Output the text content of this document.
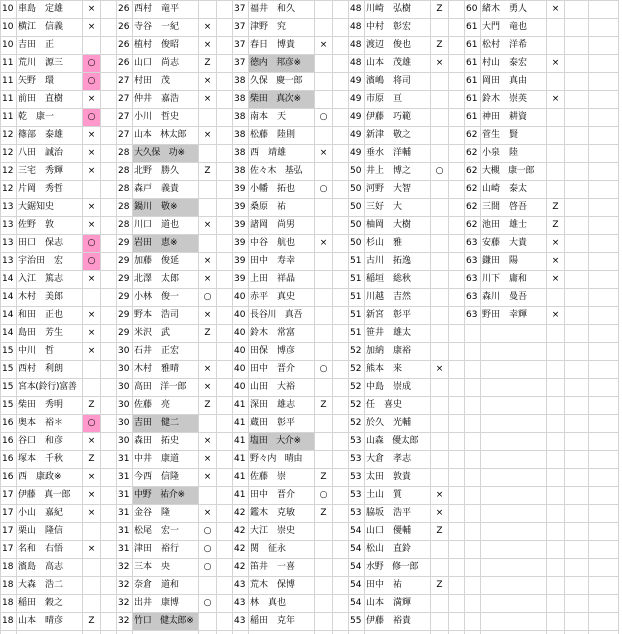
10	車島　定雄	×		26	西村　竜平			37	福井　和久			48	川崎　弘樹	Z		60	緒木　勇人	×		
10	横江　信義	×		26	寺谷　一紀	×		37	津野　究			48	中村　彰宏			61	大門　竜也			
10	吉田　正			26	植村　俊昭	×		37	春日　博貴	×		48	渡辺　俊也	Z		61	松村　洋希			
11	荒川　源三	○		26	山口　尚志	Z		37	徳内　邦彦※			48	山本　茂雄	×		61	村山　泰宏	×		
11	矢野　環	○		27	村田　茂	×		38	久保　慶一郎			49	濱嶋　将司			61	岡田　真由			
11	前田　直樹	×		27	仲井　嘉浩	×		38	柴田　真次※			49	市原　亘			61	鈴木　崇英	×		
11	乾　康一	○		27	小川　哲史			38	南本　天	○		49	伊藤　巧範			61	神田　耕資			
12	篠部　泰雄	×		27	山本　林太郎	×		38	松藤　陸則			49	新津　敬之			62	菅生　賢			
12	八田　誠治	×		28	大久保　功※			38	西　靖雄	×		49	垂水　洋輔			62	小泉　陸			
12	三宅　秀輝	×		28	北野　勝久	Z		38	佐々木　基弘			50	井上　博之	○		62	大槻　康一郎			
12	片岡　秀哲			28	森戸　義貴			39	小幡　拓也	○		50	河野　大智			62	山崎　泰太			
13	大鋸知史	×		28	鍋川　敬※			39	桑原　祐			50	三好　大			62	三間　啓吾	Z		
13	佐野　敦	×		28	川口　道也	×		39	諸岡　尚男			50	柚岡　大樹			62	池田　雄士	Z		
13	田口　保志	○		29	岩田　恵※			39	中谷　航也	×		50	杉山　雅			63	安藤　大貴	×		
13	宇治田　宏	○		29	加藤　俊延	×		39	田中　寿幸			51	古川　拓逸			63	鎌田　陽	×		
14	入江　篤志	×		29	北澤　太郎	×		39	上田　祥晶			51	稲垣　総秋			63	川下　庸和	×		
14	木村　美郎			29	小林　俊一	○		40	赤平　真史			51	川越　吉然			63	森川　曼吾			
14	和田　正也	×		29	野本　浩司	×		40	長谷川　真吾			51	新宮　彰平			63	野田　幸輝	×		
14	島田　芳生	×		29	米沢　武	Z		40	鈴木　常富			51	笹井　雄太							
15	中川　哲	×		30	石井　正宏			40	田保　博彦			52	加納　康裕							
15	西村　利朗			30	木村　雅晴	×		40	田中　晋介	○		52	熊本　来	×						
15	宮本(鈴行)富善			30	高田　洋一郎	×		40	山田　大裕			52	中島　崇成							
15	柴田　秀明	Z		30	佐藤　亮	Z		41	深田　雄志	Z		52	任　喜史							
16	奥本　裕＊	○		30	吉田　健二			41	蔵田　彰平			52	於久　光輔							
16	谷口　和彦	×		30	森田　拓史	×		41	塩田　大介※			53	山森　優太郎							
16	塚本　千秋	Z		31	中井　康道	×		41	野々内　晴由			53	大倉　孝志							
16	西　康政※	×		31	今西　信隆	×		41	佐藤　崇	Z		53	太田　敦貴							
17	伊藤　真一郎	×		31	中野　祐介※			41	田中　晋介	○		53	土山　質	×						
17	小山　嘉紀	×		31	金谷　隆	×		42	鑑木　克敏	Z		53	脇坂　浩平	×						
17	栗山　隆信			31	松尾　宏一	○		42	大江　崇史			54	山口　優輔	Z						
17	名和　右悟	×		31	津田　裕行	○		42	関　征永			54	松山　直鈴							
18	濱島　高志			32	三本　央	○		42	笛井　一喜			54	水野　修一郎							
18	大森　浩二			32	奈倉　道和			43	荒木　保博			54	田中　祐	Z						
18	稲田　穀之			32	出井　康博	○		43	林　真也			54	山本　満輝							
18	山本　晴彦	Z		32	竹口　健太郎※			43	稲田　克年			55	伊藤　裕貴							
